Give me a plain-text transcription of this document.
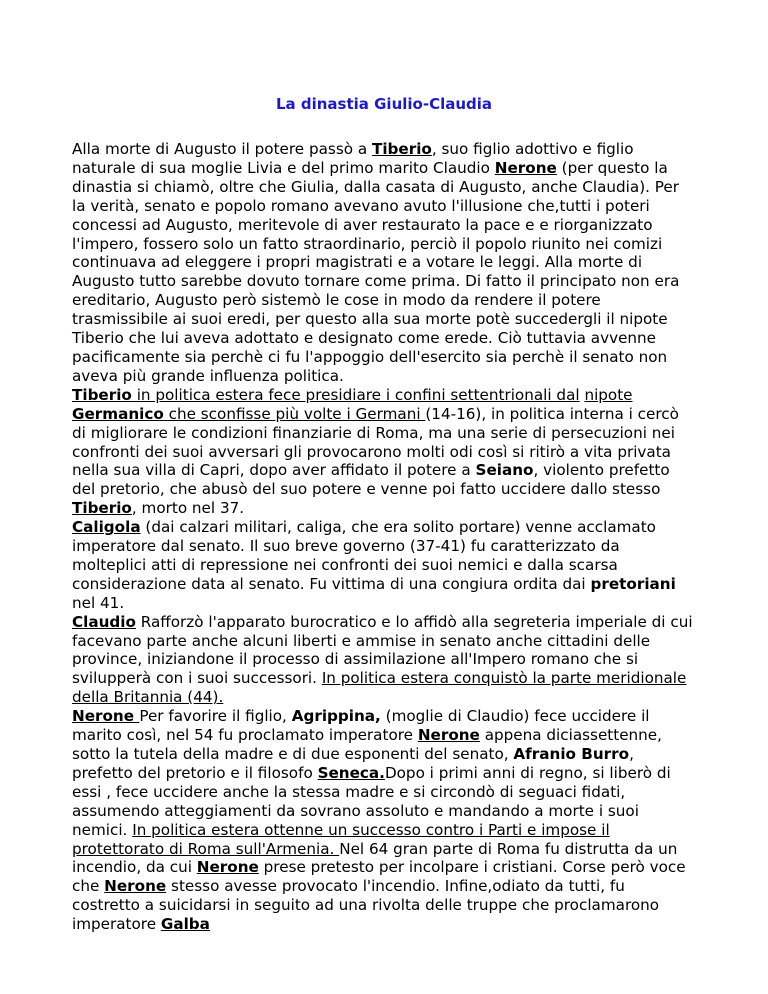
La dinastia Giulio-Claudia

Alla morte di Augusto il potere passò a Tiberio, suo figlio adottivo e figlio naturale di sua moglie Livia e del primo marito Claudio Nerone (per questo la dinastia si chiamò, oltre che Giulia, dalla casata di Augusto, anche Claudia). Per la verità, senato e popolo romano avevano avuto l'illusione che,tutti i poteri concessi ad Augusto, meritevole di aver restaurato la pace e e riorganizzato l'impero, fossero solo un fatto straordinario, perciò il popolo riunito nei comizi continuava ad eleggere i propri magistrati e a votare le leggi. Alla morte di Augusto tutto sarebbe dovuto tornare come prima. Di fatto il principato non era ereditario, Augusto però sistemò le cose in modo da rendere il potere trasmissibile ai suoi eredi, per questo alla sua morte potè succedergli il nipote Tiberio che lui aveva adottato e designato come erede. Ciò tuttavia avvenne pacificamente sia perchè ci fu l'appoggio dell'esercito sia perchè il senato non aveva più grande influenza politica.

Tiberio in politica estera fece presidiare i confini settentrionali dal nipote Germanico che sconfisse più volte i Germani (14-16), in politica interna i cercò di migliorare le condizioni finanziarie di Roma, ma una serie di persecuzioni nei confronti dei suoi avversari gli provocarono molti odi così si ritirò a vita privata nella sua villa di Capri, dopo aver affidato il potere a Seiano, violento prefetto del pretorio, che abusò del suo potere e venne poi fatto uccidere dallo stesso Tiberio, morto nel 37.

Caligola (dai calzari militari, caliga, che era solito portare) venne acclamato imperatore dal senato. Il suo breve governo (37-41) fu caratterizzato da molteplici atti di repressione nei confronti dei suoi nemici e dalla scarsa considerazione data al senato. Fu vittima di una congiura ordita dai pretoriani nel 41.

Claudio Rafforzò l'apparato burocratico e lo affidò alla segreteria imperiale di cui facevano parte anche alcuni liberti e ammise in senato anche cittadini delle province, iniziandone il processo di assimilazione all'Impero romano che si svilupperà con i suoi successori. In politica estera conquistò la parte meridionale della Britannia (44).

Nerone Per favorire il figlio, Agrippina, (moglie di Claudio) fece uccidere il marito così, nel 54 fu proclamato imperatore Nerone appena diciassettenne, sotto la tutela della madre e di due esponenti del senato, Afranio Burro, prefetto del pretorio e il filosofo Seneca.Dopo i primi anni di regno, si liberò di essi , fece uccidere anche la stessa madre e si circondò di seguaci fidati, assumendo atteggiamenti da sovrano assoluto e mandando a morte i suoi nemici. In politica estera ottenne un successo contro i Parti e impose il protettorato di Roma sull'Armenia. Nel 64 gran parte di Roma fu distrutta da un incendio, da cui Nerone prese pretesto per incolpare i cristiani. Corse però voce che Nerone stesso avesse provocato l'incendio. Infine,odiato da tutti, fu costretto a suicidarsi in seguito ad una rivolta delle truppe che proclamarono imperatore Galba
